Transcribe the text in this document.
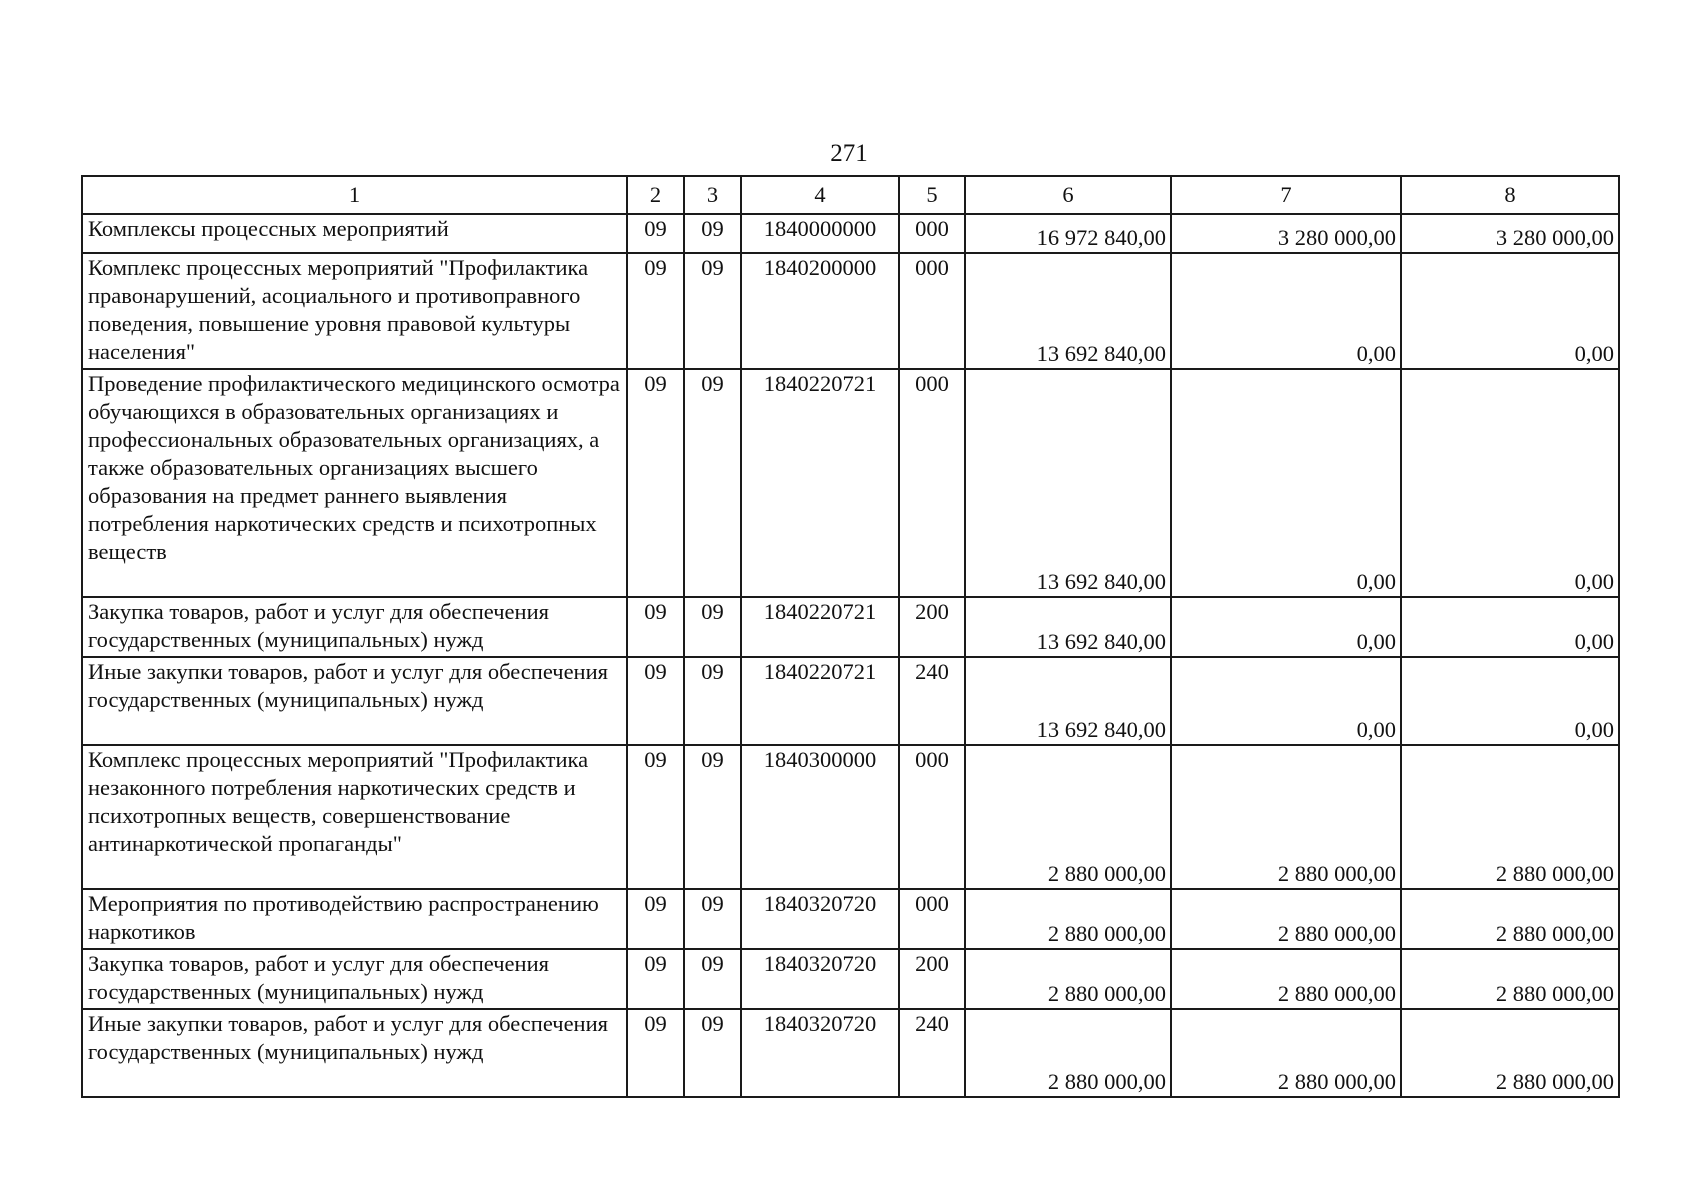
271
1	2	3	4	5	6	7	8
Комплексы процессных мероприятий	09	09	1840000000	000	16 972 840,00	3 280 000,00	3 280 000,00
Комплекс процессных мероприятий "Профилактика правонарушений, асоциального и противоправного поведения, повышение уровня правовой культуры населения"	09	09	1840200000	000	13 692 840,00	0,00	0,00
Проведение профилактического медицинского осмотра обучающихся в образовательных организациях и профессиональных образовательных организациях, а также образовательных организациях высшего образования на предмет раннего выявления потребления наркотических средств и психотропных веществ	09	09	1840220721	000	13 692 840,00	0,00	0,00
Закупка товаров, работ и услуг для обеспечения государственных (муниципальных) нужд	09	09	1840220721	200	13 692 840,00	0,00	0,00
Иные закупки товаров, работ и услуг для обеспечения государственных (муниципальных) нужд	09	09	1840220721	240	13 692 840,00	0,00	0,00
Комплекс процессных мероприятий "Профилактика незаконного потребления наркотических средств и психотропных веществ, совершенствование антинаркотической пропаганды"	09	09	1840300000	000	2 880 000,00	2 880 000,00	2 880 000,00
Мероприятия по противодействию распространению наркотиков	09	09	1840320720	000	2 880 000,00	2 880 000,00	2 880 000,00
Закупка товаров, работ и услуг для обеспечения государственных (муниципальных) нужд	09	09	1840320720	200	2 880 000,00	2 880 000,00	2 880 000,00
Иные закупки товаров, работ и услуг для обеспечения государственных (муниципальных) нужд	09	09	1840320720	240	2 880 000,00	2 880 000,00	2 880 000,00
